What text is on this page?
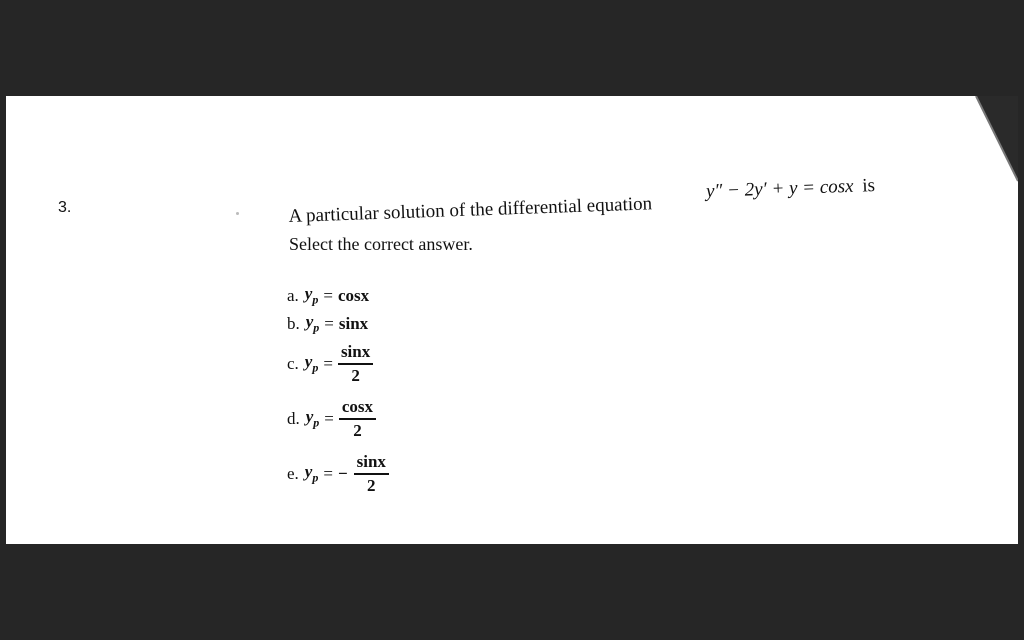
3.	A particular solution of the differential equation
y″ − 2y′ + y = cosx is
Select the correct answer.
a. $y_p = \cos x$
b. $y_p = \sin x$
c. $y_p = \frac{\sin x}{2}$
d. $y_p = \frac{\cos x}{2}$
e. $y_p$ = − $\frac{\sin x}{2}$
